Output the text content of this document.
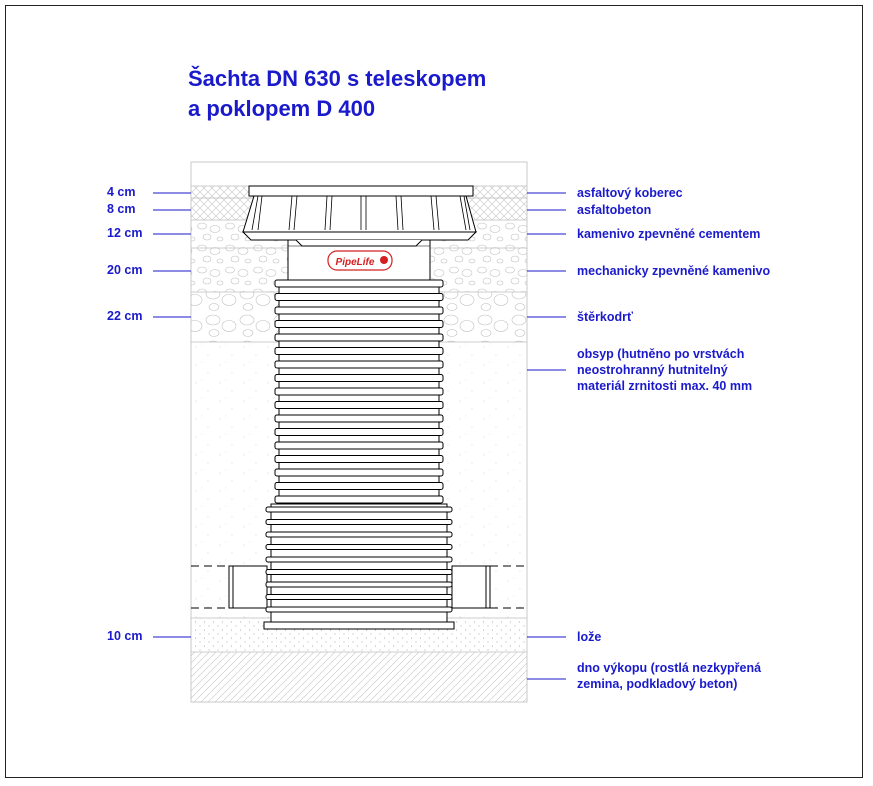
PipeLife
Šachta DN 630 s teleskopem
a poklopem D 400
4 cm
8 cm
12 cm
20 cm
22 cm
10 cm
asfaltový koberec
asfaltobeton
kamenivo zpevněné cementem
mechanicky zpevněné kamenivo
štěrkodrť
obsyp (hutněno po vrstvách
neostrohranný hutnitelný
materiál zrnitosti max. 40 mm
lože
dno výkopu (rostlá nezkypřená
zemina, podkladový beton)
